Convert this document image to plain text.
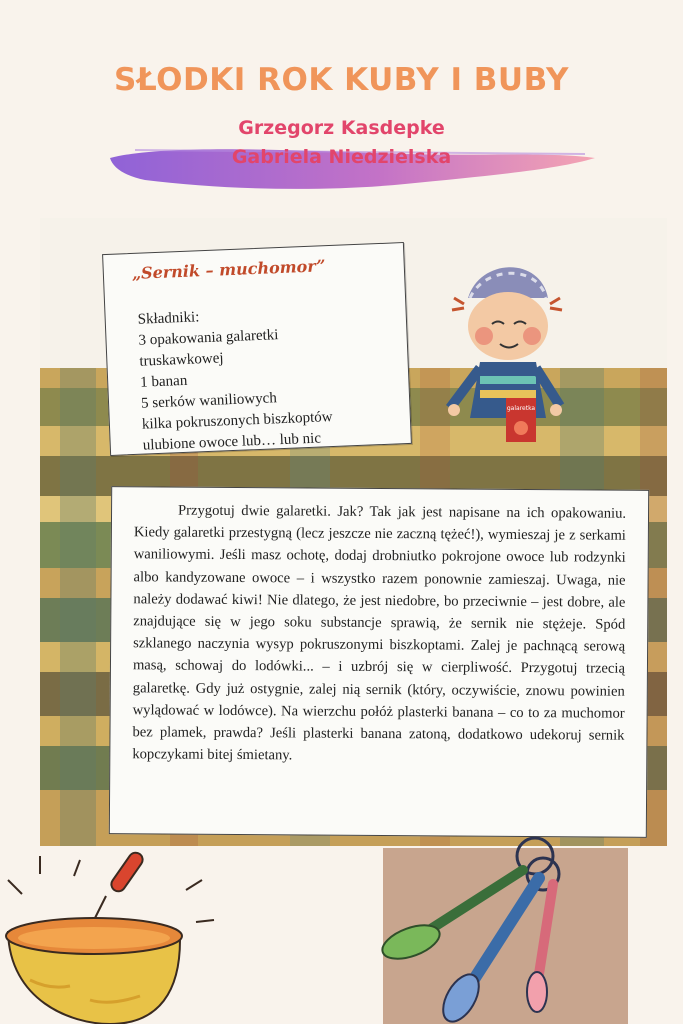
SŁODKI ROK KUBY I BUBY
Grzegorz Kasdepke
Gabriela Niedzielska
„Sernik – muchomor”
Składniki:
3 opakowania galaretki
truskawkowej
1 banan
5 serków waniliowych
kilka pokruszonych biszkoptów
ulubione owoce lub… lub nic
galaretka
Przygotuj dwie galaretki. Jak? Tak jak jest napisane na ich opakowaniu. Kiedy galaretki przestygną (lecz jeszcze nie zaczną tężeć!), wymieszaj je z serkami waniliowymi. Jeśli masz ochotę, dodaj drobniutko pokrojone owoce lub rodzynki albo kandyzowane owoce – i wszystko razem ponownie zamieszaj. Uwaga, nie należy dodawać kiwi! Nie dlatego, że jest niedobre, bo przeciwnie – jest dobre, ale znajdujące się w jego soku substancje sprawią, że sernik nie stężeje. Spód szklanego naczynia wysyp pokruszonymi biszkoptami. Zalej je pachnącą serową masą, schowaj do lodówki... – i uzbrój się w cierpliwość. Przygotuj trzecią galaretkę. Gdy już ostygnie, zalej nią sernik (który, oczywiście, znowu powinien wylądować w lodówce). Na wierzchu połóż plasterki banana – co to za muchomor bez plamek, prawda? Jeśli plasterki banana zatoną, dodatkowo udekoruj sernik kopczykami bitej śmietany.
